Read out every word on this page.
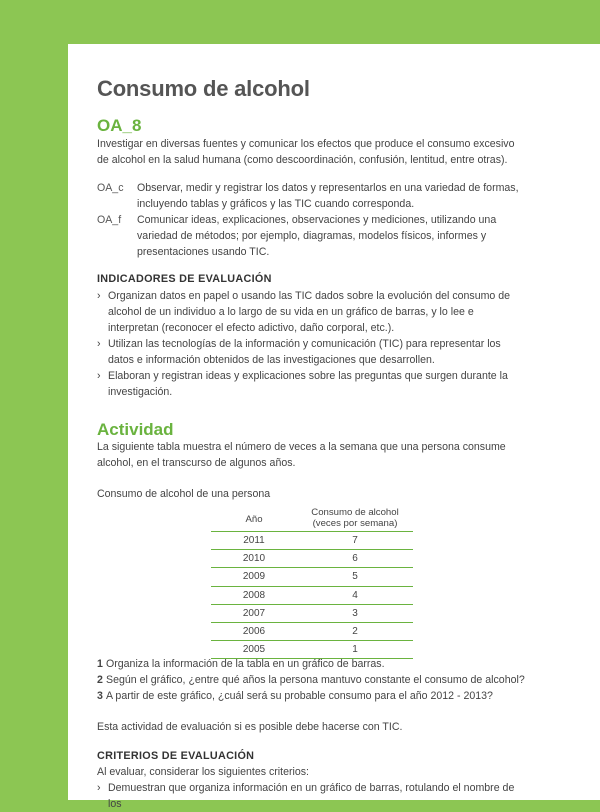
Consumo de alcohol
OA_8
Investigar en diversas fuentes y comunicar los efectos que produce el consumo excesivo de alcohol en la salud humana (como descoordinación, confusión, lentitud, entre otras).
OA_c	Observar, medir y registrar los datos y representarlos en una variedad de formas, incluyendo tablas y gráficos y las TIC cuando corresponda.
OA_f	Comunicar ideas, explicaciones, observaciones y mediciones, utilizando una variedad de métodos; por ejemplo, diagramas, modelos físicos, informes y presentaciones usando TIC.
INDICADORES DE EVALUACIÓN
› Organizan datos en papel o usando las TIC dados sobre la evolución del consumo de alcohol de un individuo a lo largo de su vida en un gráfico de barras, y lo lee e interpretan (reconocer el efecto adictivo, daño corporal, etc.).
› Utilizan las tecnologías de la información y comunicación (TIC) para representar los datos e información obtenidos de las investigaciones que desarrollen.
› Elaboran y registran ideas y explicaciones sobre las preguntas que surgen durante la investigación.
Actividad
La siguiente tabla muestra el número de veces a la semana que una persona consume alcohol, en el transcurso de algunos años.
Consumo de alcohol de una persona
Año
Consumo de alcohol (veces por semana)
2011	7
2010	6
2009	5
2008	4
2007	3
2006	2
2005	1
1 Organiza la información de la tabla en un gráfico de barras.
2 Según el gráfico, ¿entre qué años la persona mantuvo constante el consumo de alcohol?
3 A partir de este gráfico, ¿cuál será su probable consumo para el año 2012 - 2013?
Esta actividad de evaluación si es posible debe hacerse con TIC.
CRITERIOS DE EVALUACIÓN
Al evaluar, considerar los siguientes criterios:
› Demuestran que organiza información en un gráfico de barras, rotulando el nombre de los
